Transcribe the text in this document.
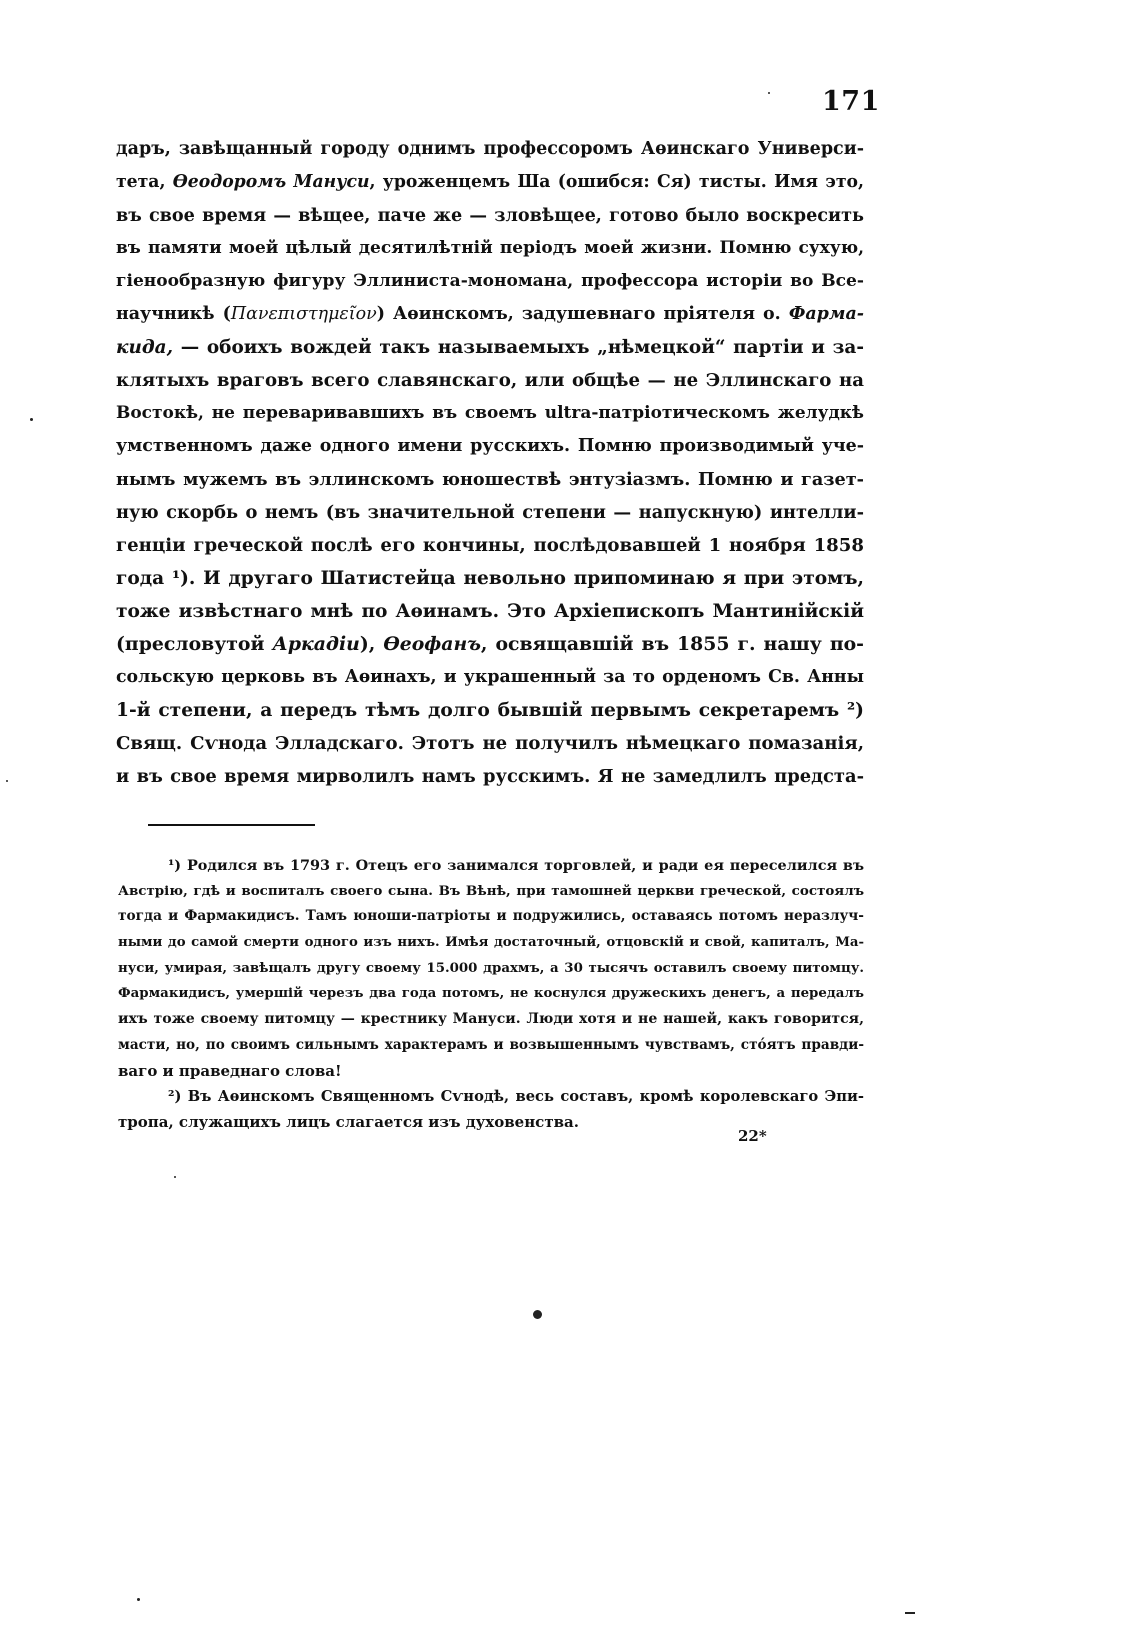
171
даръ, завѣщанный городу однимъ профессоромъ Аѳинскаго Универси-
тета, Ѳеодоромъ Мануси, уроженцемъ Ша (ошибся: Ся) тисты. Имя это,
въ свое время — вѣщее, паче же — зловѣщее, готово было воскресить
въ памяти моей цѣлый десятилѣтній періодъ моей жизни. Помню сухую,
гіенообразную фигуру Эллиниста-мономана, профессора исторіи во Все-
научникѣ (Πανεπιστημεῖον) Аѳинскомъ, задушевнаго пріятеля о. Фарма-
кида, — обоихъ вождей такъ называемыхъ „нѣмецкой“ партіи и за-
клятыхъ враговъ всего славянскаго, или общѣе — не Эллинскаго на
Востокѣ, не переваривавшихъ въ своемъ ultra-патріотическомъ желудкѣ
умственномъ даже одного имени русскихъ. Помню производимый уче-
нымъ мужемъ въ эллинскомъ юношествѣ энтузіазмъ. Помню и газет-
ную скорбь о немъ (въ значительной степени — напускную) интелли-
генціи греческой послѣ его кончины, послѣдовавшей 1 ноября 1858
года ¹). И другаго Шатистейца невольно припоминаю я при этомъ,
тоже извѣстнаго мнѣ по Аѳинамъ. Это Архіепископъ Мантинійскій
(пресловутой Аркадіи), Ѳеофанъ, освящавшій въ 1855 г. нашу по-
сольскую церковь въ Аѳинахъ, и украшенный за то орденомъ Св. Анны
1-й степени, а передъ тѣмъ долго бывшій первымъ секретаремъ ²)
Свящ. Сѵнода Элладскаго. Этотъ не получилъ нѣмецкаго помазанія,
и въ свое время мирволилъ намъ русскимъ. Я не замедлилъ предста-
¹) Родился въ 1793 г. Отецъ его занимался торговлей, и ради ея переселился въ
Австрію, гдѣ и воспиталъ своего сына. Въ Вѣнѣ, при тамошней церкви греческой, состоялъ
тогда и Фармакидисъ. Тамъ юноши-патріоты и подружились, оставаясь потомъ неразлуч-
ными до самой смерти одного изъ нихъ. Имѣя достаточный, отцовскій и свой, капиталъ, Ма-
нуси, умирая, завѣщалъ другу своему 15.000 драхмъ, а 30 тысячъ оставилъ своему питомцу.
Фармакидисъ, умершій черезъ два года потомъ, не коснулся дружескихъ денегъ, а передалъ
ихъ тоже своему питомцу — крестнику Мануси. Люди хотя и не нашей, какъ говорится,
масти, но, по своимъ сильнымъ характерамъ и возвышеннымъ чувствамъ, стóятъ правди-
ваго и праведнаго слова!
²) Въ Аѳинскомъ Священномъ Сѵнодѣ, весь составъ, кромѣ королевскаго Эпи-
тропа, служащихъ лицъ слагается изъ духовенства.
22*
